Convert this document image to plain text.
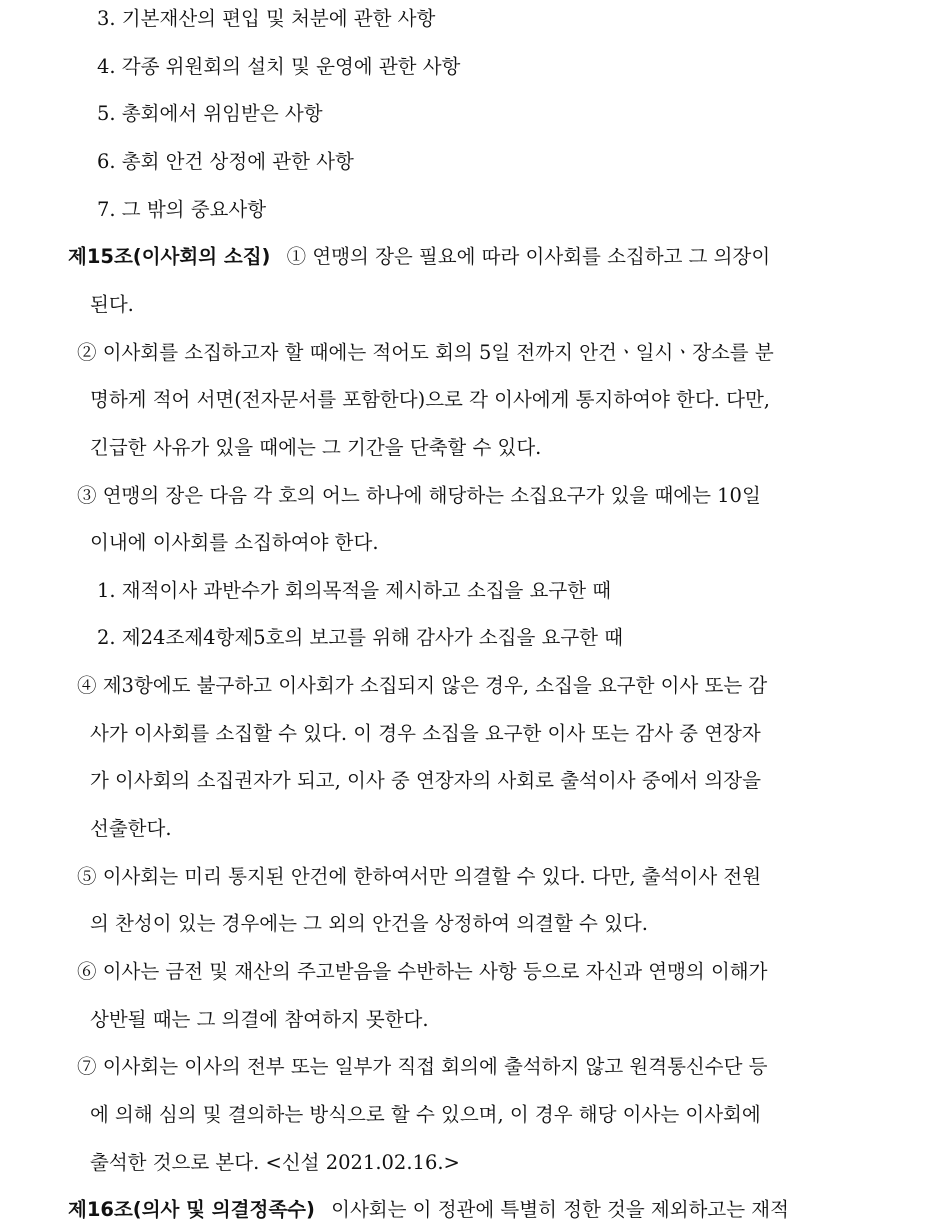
3. 기본재산의 편입 및 처분에 관한 사항
4. 각종 위원회의 설치 및 운영에 관한 사항
5. 총회에서 위임받은 사항
6. 총회 안건 상정에 관한 사항
7. 그 밖의 중요사항
제15조(이사회의 소집) ① 연맹의 장은 필요에 따라 이사회를 소집하고 그 의장이
된다.
② 이사회를 소집하고자 할 때에는 적어도 회의 5일 전까지 안건ㆍ일시ㆍ장소를 분
명하게 적어 서면(전자문서를 포함한다)으로 각 이사에게 통지하여야 한다. 다만,
긴급한 사유가 있을 때에는 그 기간을 단축할 수 있다.
③ 연맹의 장은 다음 각 호의 어느 하나에 해당하는 소집요구가 있을 때에는 10일
이내에 이사회를 소집하여야 한다.
1. 재적이사 과반수가 회의목적을 제시하고 소집을 요구한 때
2. 제24조제4항제5호의 보고를 위해 감사가 소집을 요구한 때
④ 제3항에도 불구하고 이사회가 소집되지 않은 경우, 소집을 요구한 이사 또는 감
사가 이사회를 소집할 수 있다. 이 경우 소집을 요구한 이사 또는 감사 중 연장자
가 이사회의 소집권자가 되고, 이사 중 연장자의 사회로 출석이사 중에서 의장을
선출한다.
⑤ 이사회는 미리 통지된 안건에 한하여서만 의결할 수 있다. 다만, 출석이사 전원
의 찬성이 있는 경우에는 그 외의 안건을 상정하여 의결할 수 있다.
⑥ 이사는 금전 및 재산의 주고받음을 수반하는 사항 등으로 자신과 연맹의 이해가
상반될 때는 그 의결에 참여하지 못한다.
⑦ 이사회는 이사의 전부 또는 일부가 직접 회의에 출석하지 않고 원격통신수단 등
에 의해 심의 및 결의하는 방식으로 할 수 있으며, 이 경우 해당 이사는 이사회에
출석한 것으로 본다. <신설 2021.02.16.>
제16조(의사 및 의결정족수) 이사회는 이 정관에 특별히 정한 것을 제외하고는 재적
